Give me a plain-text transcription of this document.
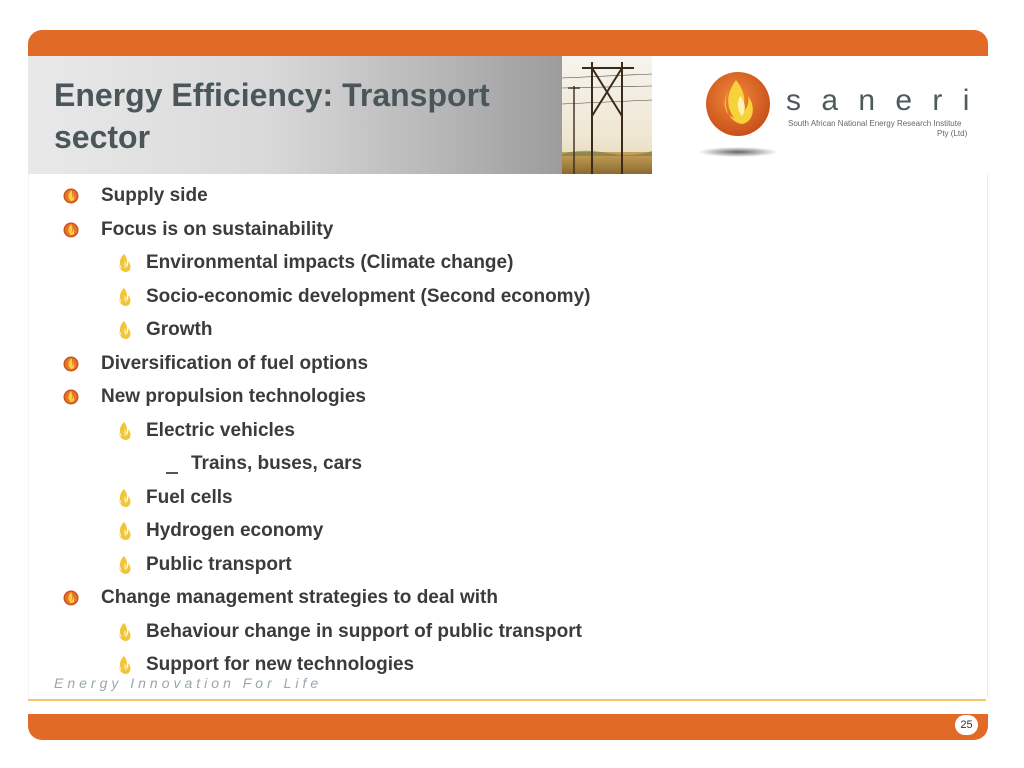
Energy Efficiency: Transport sector
s a n e r i
South African National Energy Research Institute
Pty (Ltd)
Supply side
Focus is on sustainability
Environmental impacts (Climate change)
Socio-economic development (Second economy)
Growth
Diversification of fuel options
New propulsion technologies
Electric vehicles
Trains, buses, cars
Fuel cells
Hydrogen economy
Public transport
Change management strategies to deal with
Behaviour change in support of public transport
Support for new technologies
Energy Innovation For Life
25
